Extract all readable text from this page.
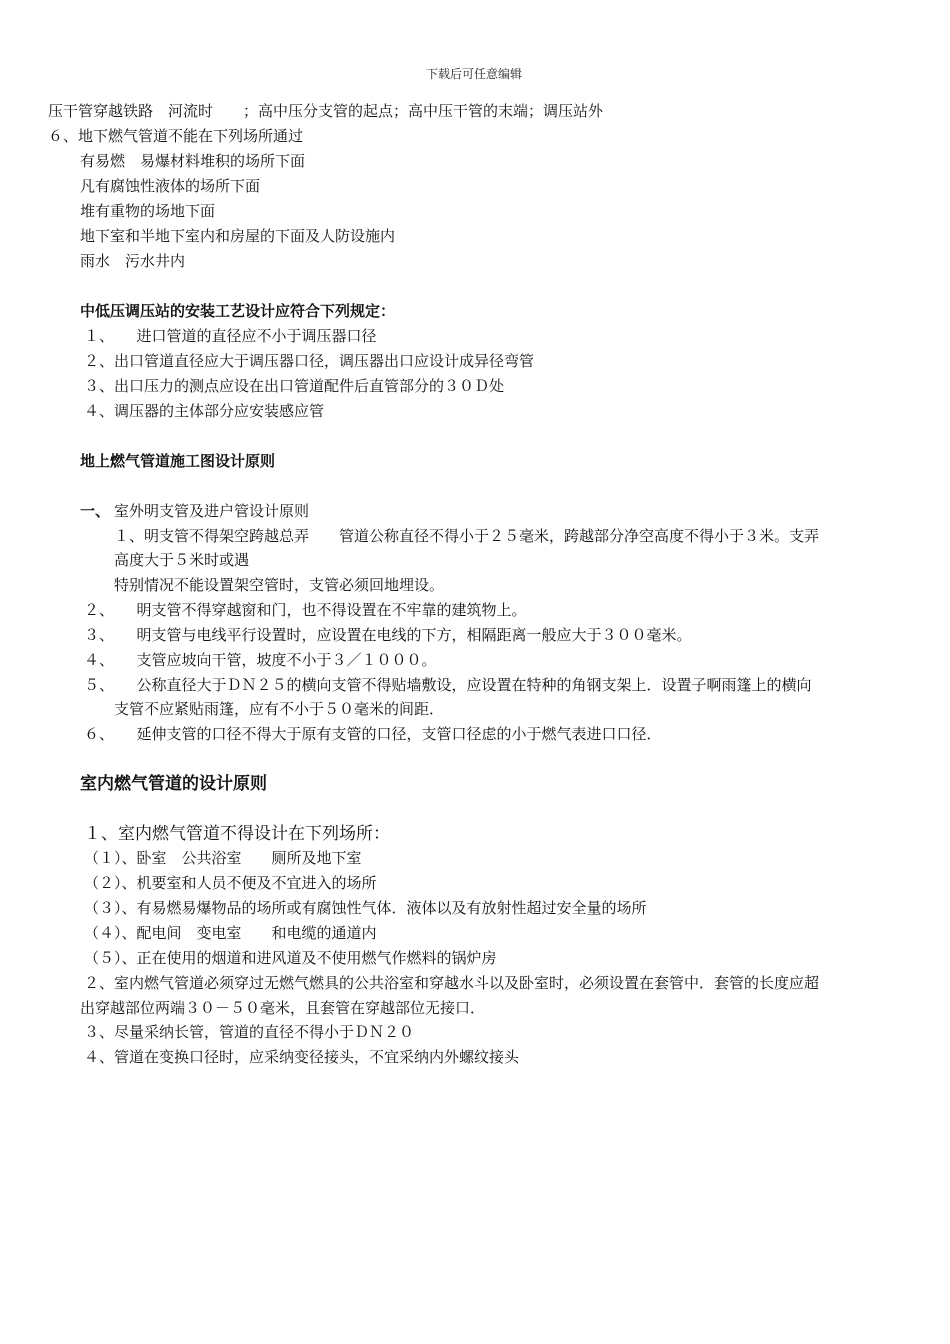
下载后可任意编辑
压干管穿越铁路　河流时　　；高中压分支管的起点；高中压干管的末端；调压站外
６、地下燃气管道不能在下列场所通过
有易燃　易爆材料堆积的场所下面
凡有腐蚀性液体的场所下面
堆有重物的场地下面
地下室和半地下室内和房屋的下面及人防设施内
雨水　污水井内
中低压调压站的安装工艺设计应符合下列规定：
１、　　进口管道的直径应不小于调压器口径
２、出口管道直径应大于调压器口径，调压器出口应设计成异径弯管
３、出口压力的测点应设在出口管道配件后直管部分的３０Ｄ处
４、调压器的主体部分应安装感应管
地上燃气管道施工图设计原则
一、 室外明支管及进户管设计原则
１、明支管不得架空跨越总弄　　管道公称直径不得小于２５毫米，跨越部分净空高度不得小于３米。支弄
高度大于５米时或遇
特别情况不能设置架空管时，支管必须回地埋设。
２、　　明支管不得穿越窗和门，也不得设置在不牢靠的建筑物上。
３、　　明支管与电线平行设置时，应设置在电线的下方，相隔距离一般应大于３００毫米。
４、　　支管应坡向干管，坡度不小于３／１０００。
５、　　公称直径大于ＤＮ２５的横向支管不得贴墙敷设，应设置在特种的角钢支架上．设置子啊雨篷上的横向
支管不应紧贴雨篷，应有不小于５０毫米的间距．
６、　　延伸支管的口径不得大于原有支管的口径，支管口径虑的小于燃气表进口口径．
室内燃气管道的设计原则
１、室内燃气管道不得设计在下列场所：
（１）、卧室　公共浴室　　厕所及地下室
（２）、机要室和人员不便及不宜进入的场所
（３）、有易燃易爆物品的场所或有腐蚀性气体．液体以及有放射性超过安全量的场所
（４）、配电间　变电室　　和电缆的通道内
（５）、正在使用的烟道和进风道及不使用燃气作燃料的锅炉房
２、室内燃气管道必须穿过无燃气燃具的公共浴室和穿越水斗以及卧室时，必须设置在套管中．套管的长度应超
出穿越部位两端３０－５０毫米，且套管在穿越部位无接口．
３、尽量采纳长管，管道的直径不得小于ＤＮ２０
４、管道在变换口径时，应采纳变径接头，不宜采纳内外螺纹接头
